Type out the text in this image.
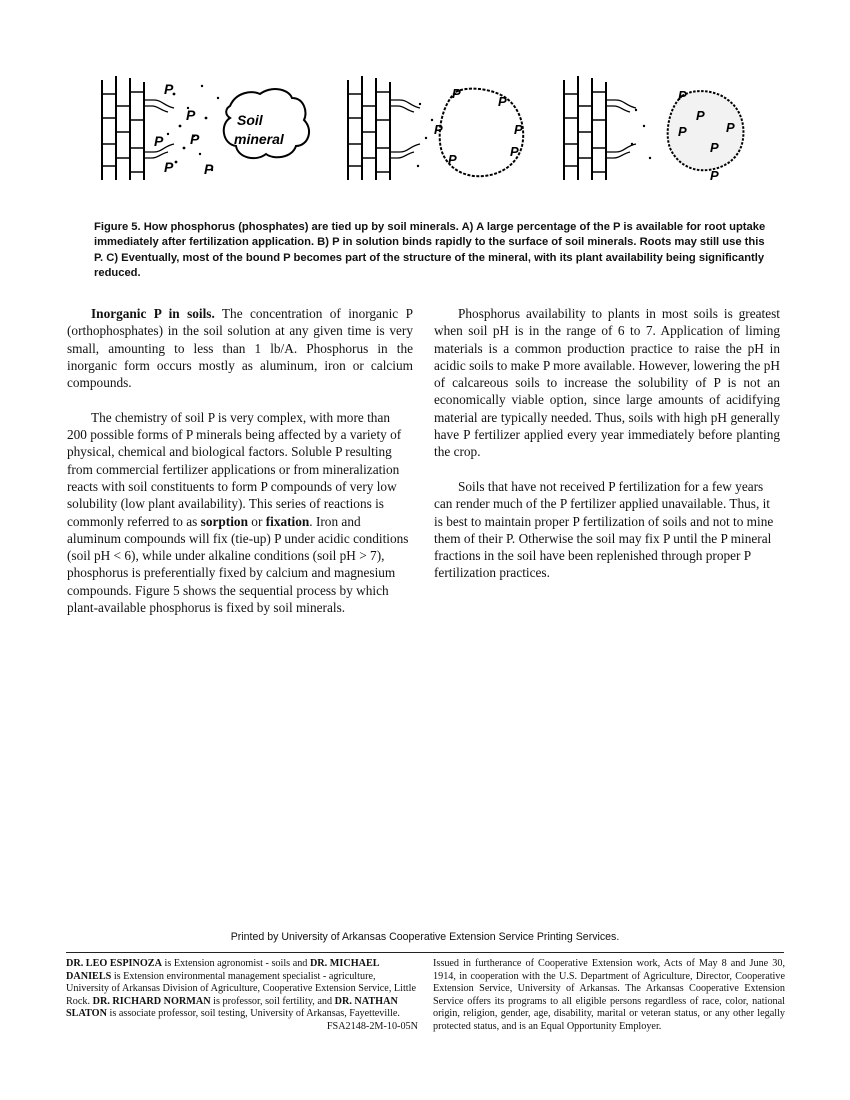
P
P
P P
P P
Soil
mineral
P
P
P	P
P
P
P
P
P	P
P
P

Figure 5. How phosphorus (phosphates) are tied up by soil minerals. A) A large percentage of the P is available for root uptake immediately after fertilization application. B) P in solution binds rapidly to the surface of soil minerals. Roots may still use this P. C) Eventually, most of the bound P becomes part of the structure of the mineral, with its plant availability being significantly reduced.

Inorganic P in soils. The concentration of inorganic P (orthophosphates) in the soil solution at any given time is very small, amounting to less than 1 lb/A. Phosphorus in the inorganic form occurs mostly as aluminum, iron or calcium compounds.

The chemistry of soil P is very complex, with more than 200 possible forms of P minerals being affected by a variety of physical, chemical and biological factors. Soluble P resulting from commercial fertilizer applications or from mineralization reacts with soil constituents to form P compounds of very low solubility (low plant availability). This series of reactions is commonly referred to as sorption or fixation. Iron and aluminum compounds will fix (tie-up) P under acidic conditions (soil pH < 6), while under alkaline conditions (soil pH > 7), phosphorus is preferentially fixed by calcium and magnesium compounds. Figure 5 shows the sequential process by which plant-available phosphorus is fixed by soil minerals.

Phosphorus availability to plants in most soils is greatest when soil pH is in the range of 6 to 7. Application of liming materials is a common production practice to raise the pH in acidic soils to make P more available. However, lowering the pH of calcareous soils to increase the solubility of P is not an economically viable option, since large amounts of acidifying material are typically needed. Thus, soils with high pH generally have P fertilizer applied every year immediately before planting the crop.

Soils that have not received P fertilization for a few years can render much of the P fertilizer applied unavailable. Thus, it is best to maintain proper P fertilization of soils and not to mine them of their P. Otherwise the soil may fix P until the P mineral fractions in the soil have been replenished through proper P fertilization practices.

Printed by University of Arkansas Cooperative Extension Service Printing Services.

DR. LEO ESPINOZA is Extension agronomist - soils and DR. MICHAEL DANIELS is Extension environmental management specialist - agriculture, University of Arkansas Division of Agriculture, Cooperative Extension Service, Little Rock. DR. RICHARD NORMAN is professor, soil fertility, and DR. NATHAN SLATON is associate professor, soil testing, University of Arkansas, Fayetteville.
FSA2148-2M-10-05N

Issued in furtherance of Cooperative Extension work, Acts of May 8 and June 30, 1914, in cooperation with the U.S. Department of Agriculture, Director, Cooperative Extension Service, University of Arkansas. The Arkansas Cooperative Extension Service offers its programs to all eligible persons regardless of race, color, national origin, religion, gender, age, disability, marital or veteran status, or any other legally protected status, and is an Equal Opportunity Employer.
